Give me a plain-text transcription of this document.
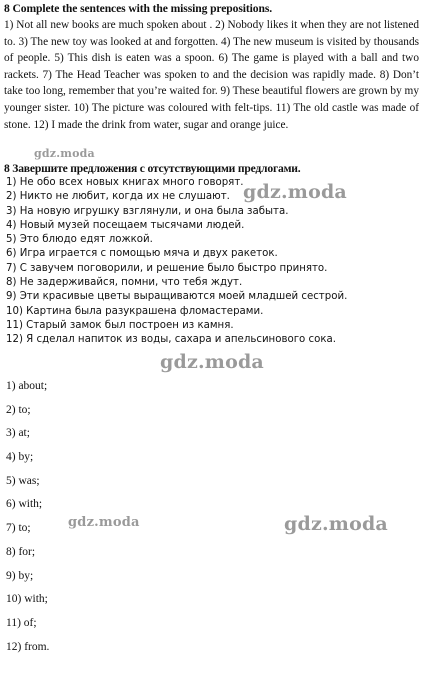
8 Complete the sentences with the missing prepositions.
1) Not all new books are much spoken about . 2) Nobody likes it when they are not listened to. 3) The new toy was looked at and forgotten. 4) The new museum is visited by thousands of people. 5) This dish is eaten was a spoon. 6) The game is played with a ball and two rackets. 7) The Head Teacher was spoken to and the decision was rapidly made. 8) Don’t take too long, remember that you’re waited for. 9) These beautiful flowers are grown by my younger sister. 10) The picture was coloured with felt-tips. 11) The old castle was made of stone. 12) I made the drink from water, sugar and orange juice.
gdz.moda
gdz.moda
8 Завершите предложения с отсутствующими предлогами.
1) Не обо всех новых книгах много говорят.
2) Никто не любит, когда их не слушают.
3) На новую игрушку взглянули, и она была забыта.
4) Новый музей посещаем тысячами людей.
5) Это блюдо едят ложкой.
6) Игра играется с помощью мяча и двух ракеток.
7) С завучем поговорили, и решение было быстро принято.
8) Не задерживайся, помни, что тебя ждут.
9) Эти красивые цветы выращиваются моей младшей сестрой.
10) Картина была разукрашена фломастерами.
11) Старый замок был построен из камня.
12) Я сделал напиток из воды, сахара и апельсинового сока.
gdz.moda
1) about;
2) to;
3) at;
4) by;
5) was;
6) with;
7) to;
8) for;
9) by;
10) with;
11) of;
12) from.
gdz.moda	gdz.moda
